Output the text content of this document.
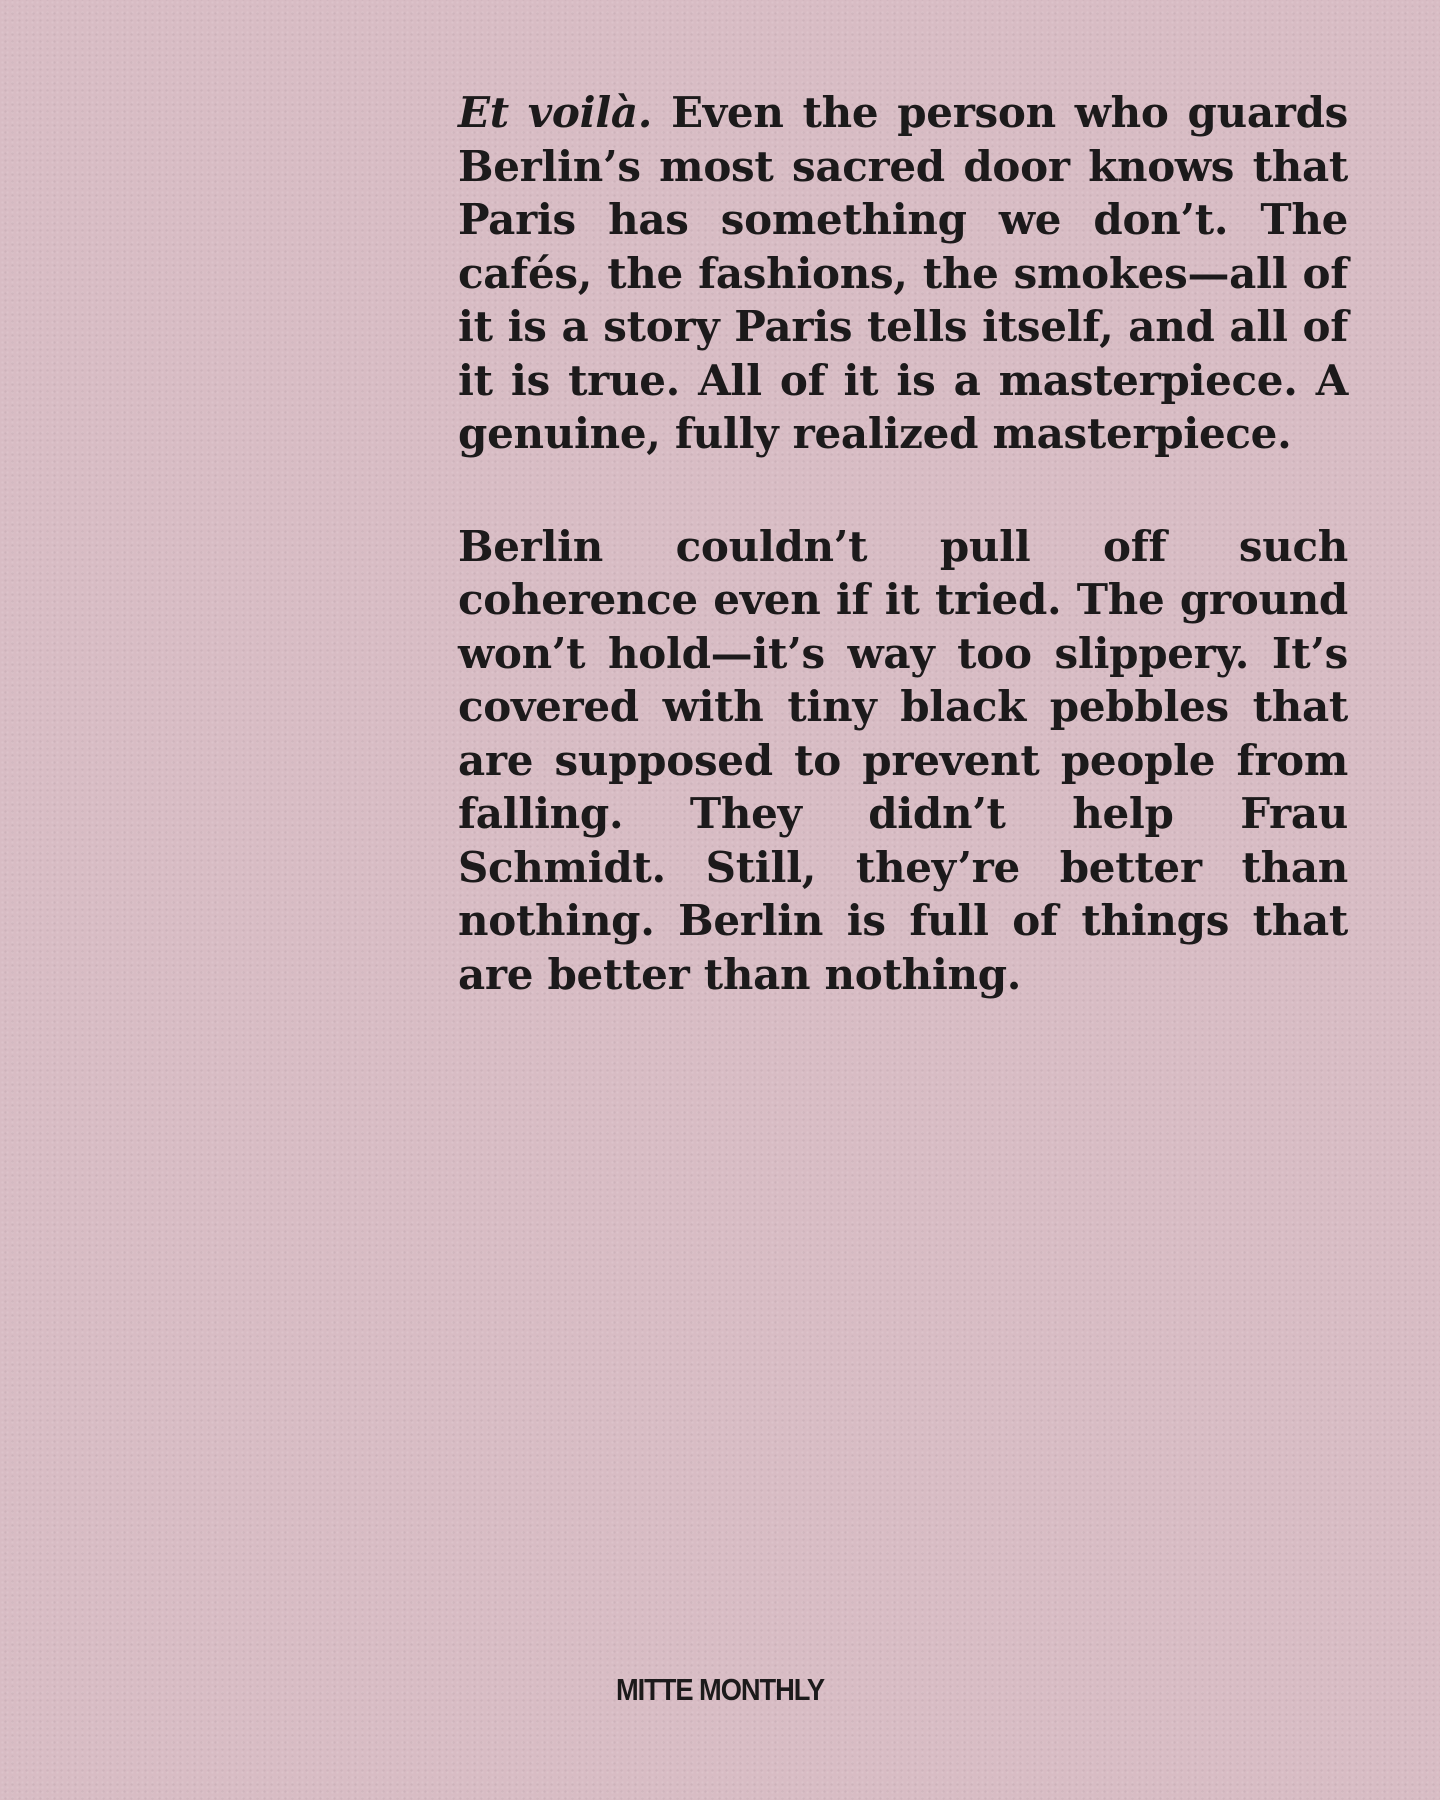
Et voilà. Even the person who guards Berlin’s most sacred door knows that Paris has something we don’t. The cafés, the fashions, the smokes—all of it is a story Paris tells itself, and all of it is true. All of it is a masterpiece. A genuine, fully realized masterpiece.

Berlin couldn’t pull off such coherence even if it tried. The ground won’t hold—it’s way too slippery. It’s covered with tiny black pebbles that are supposed to prevent people from falling. They didn’t help Frau Schmidt. Still, they’re better than nothing. Berlin is full of things that are better than nothing.

MITTE MONTHLY
